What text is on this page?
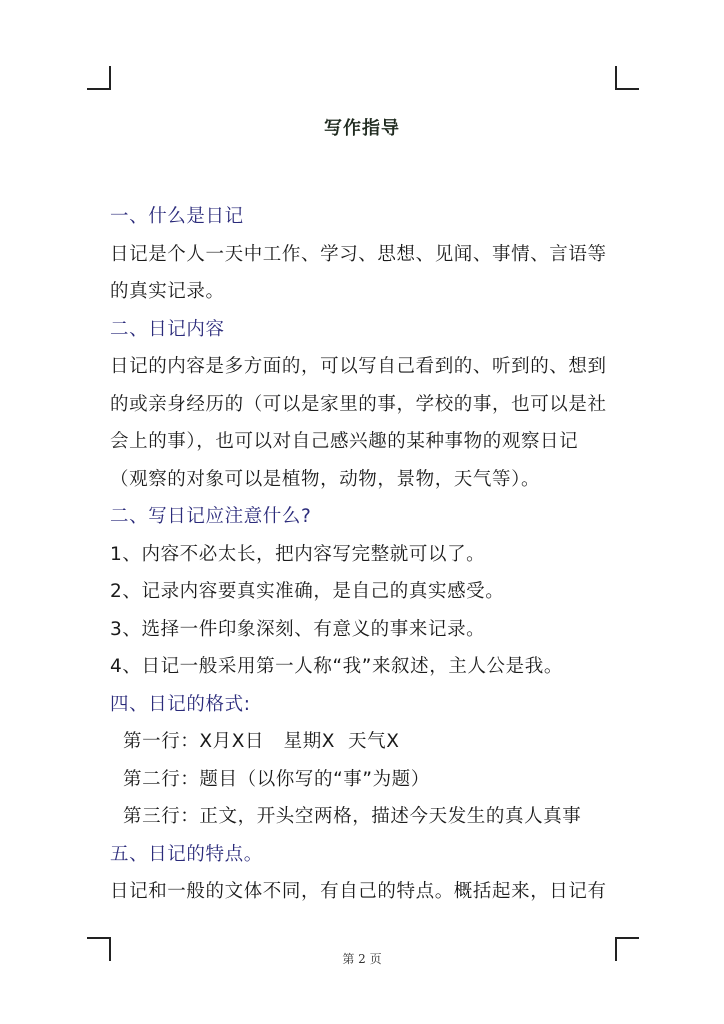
写作指导
一、什么是日记
日记是个人一天中工作、学习、思想、见闻、事情、言语等
的真实记录。
二、日记内容
日记的内容是多方面的，可以写自己看到的、听到的、想到
的或亲身经历的（可以是家里的事，学校的事，也可以是社
会上的事），也可以对自己感兴趣的某种事物的观察日记
（观察的对象可以是植物，动物，景物，天气等）。
二、写日记应注意什么?
1、内容不必太长，把内容写完整就可以了。
2、记录内容要真实准确，是自己的真实感受。
3、选择一件印象深刻、有意义的事来记录。
4、日记一般采用第一人称“我”来叙述，主人公是我。
四、日记的格式:
第一行：X月X日   星期X  天气X
第二行：题目（以你写的“事”为题）
第三行：正文，开头空两格，描述今天发生的真人真事
五、日记的特点。
日记和一般的文体不同，有自己的特点。概括起来，日记有
第 2 页
